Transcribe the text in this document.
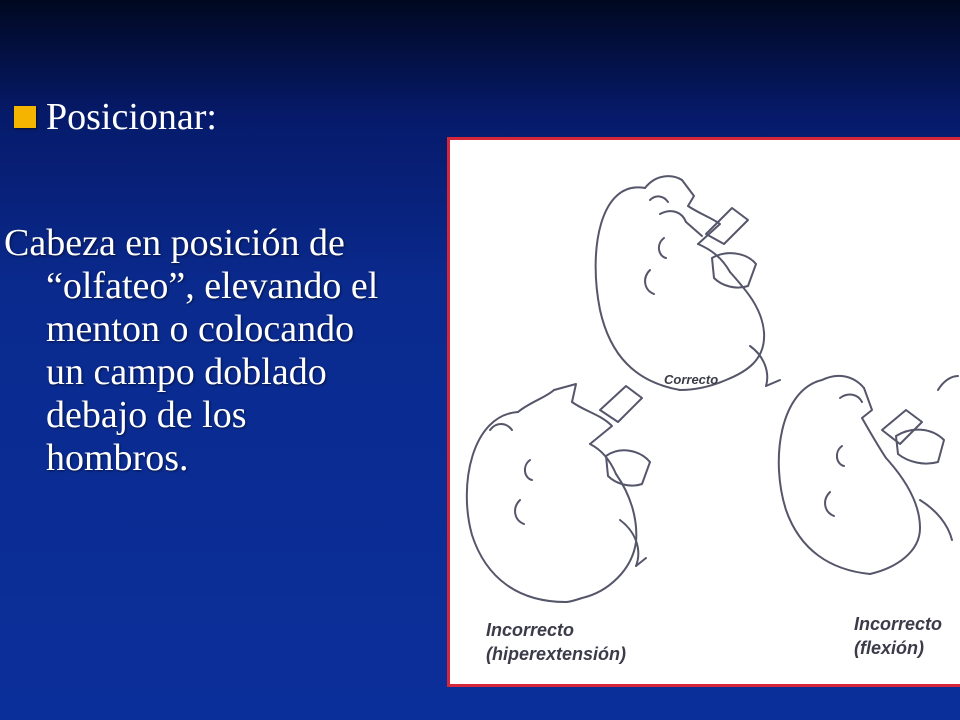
Posicionar:
Cabeza en posición de
“olfateo”, elevando el
menton o colocando
un campo doblado
debajo de los
hombros.
Correcto
Incorrecto
(hiperextensión)
Incorrecto
(flexión)
